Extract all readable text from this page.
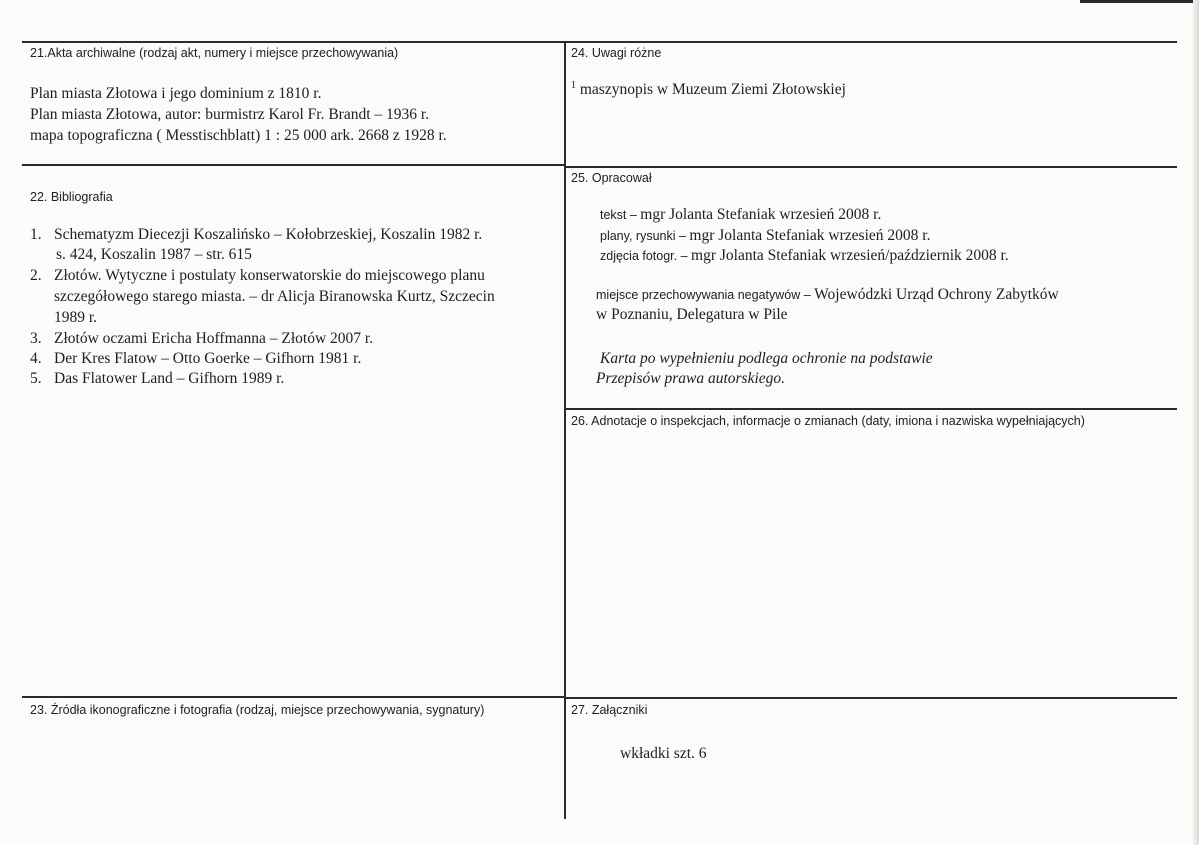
21.Akta archiwalne (rodzaj akt, numery i miejsce przechowywania)
Plan miasta Złotowa i jego dominium z 1810 r.
Plan miasta Złotowa, autor: burmistrz Karol Fr. Brandt – 1936 r.
mapa topograficzna ( Messtischblatt) 1 : 25 000 ark. 2668 z 1928 r.
22. Bibliografia
1. Schematyzm Diecezji Koszalińsko – Kołobrzeskiej, Koszalin 1982 r.
s. 424, Koszalin 1987 – str. 615
2. Złotów. Wytyczne i postulaty konserwatorskie do miejscowego planu
szczegółowego starego miasta. – dr Alicja Biranowska Kurtz, Szczecin
1989 r.
3. Złotów oczami Ericha Hoffmanna – Złotów 2007 r.
4. Der Kres Flatow – Otto Goerke – Gifhorn 1981 r.
5. Das Flatower Land – Gifhorn 1989 r.
23. Źródła ikonograficzne i fotografia (rodzaj, miejsce przechowywania, sygnatury)
24. Uwagi różne
$^1$ maszynopis w Muzeum Ziemi Złotowskiej
25. Opracował
tekst – mgr Jolanta Stefaniak wrzesień 2008 r.
plany, rysunki – mgr Jolanta Stefaniak wrzesień 2008 r.
zdjęcia fotogr. – mgr Jolanta Stefaniak wrzesień/październik 2008 r.
miejsce przechowywania negatywów – Wojewódzki Urząd Ochrony Zabytków
w Poznaniu, Delegatura w Pile
Karta po wypełnieniu podlega ochronie na podstawie
Przepisów prawa autorskiego.
26. Adnotacje o inspekcjach, informacje o zmianach (daty, imiona i nazwiska wypełniających)
27. Załączniki
wkładki szt. 6
